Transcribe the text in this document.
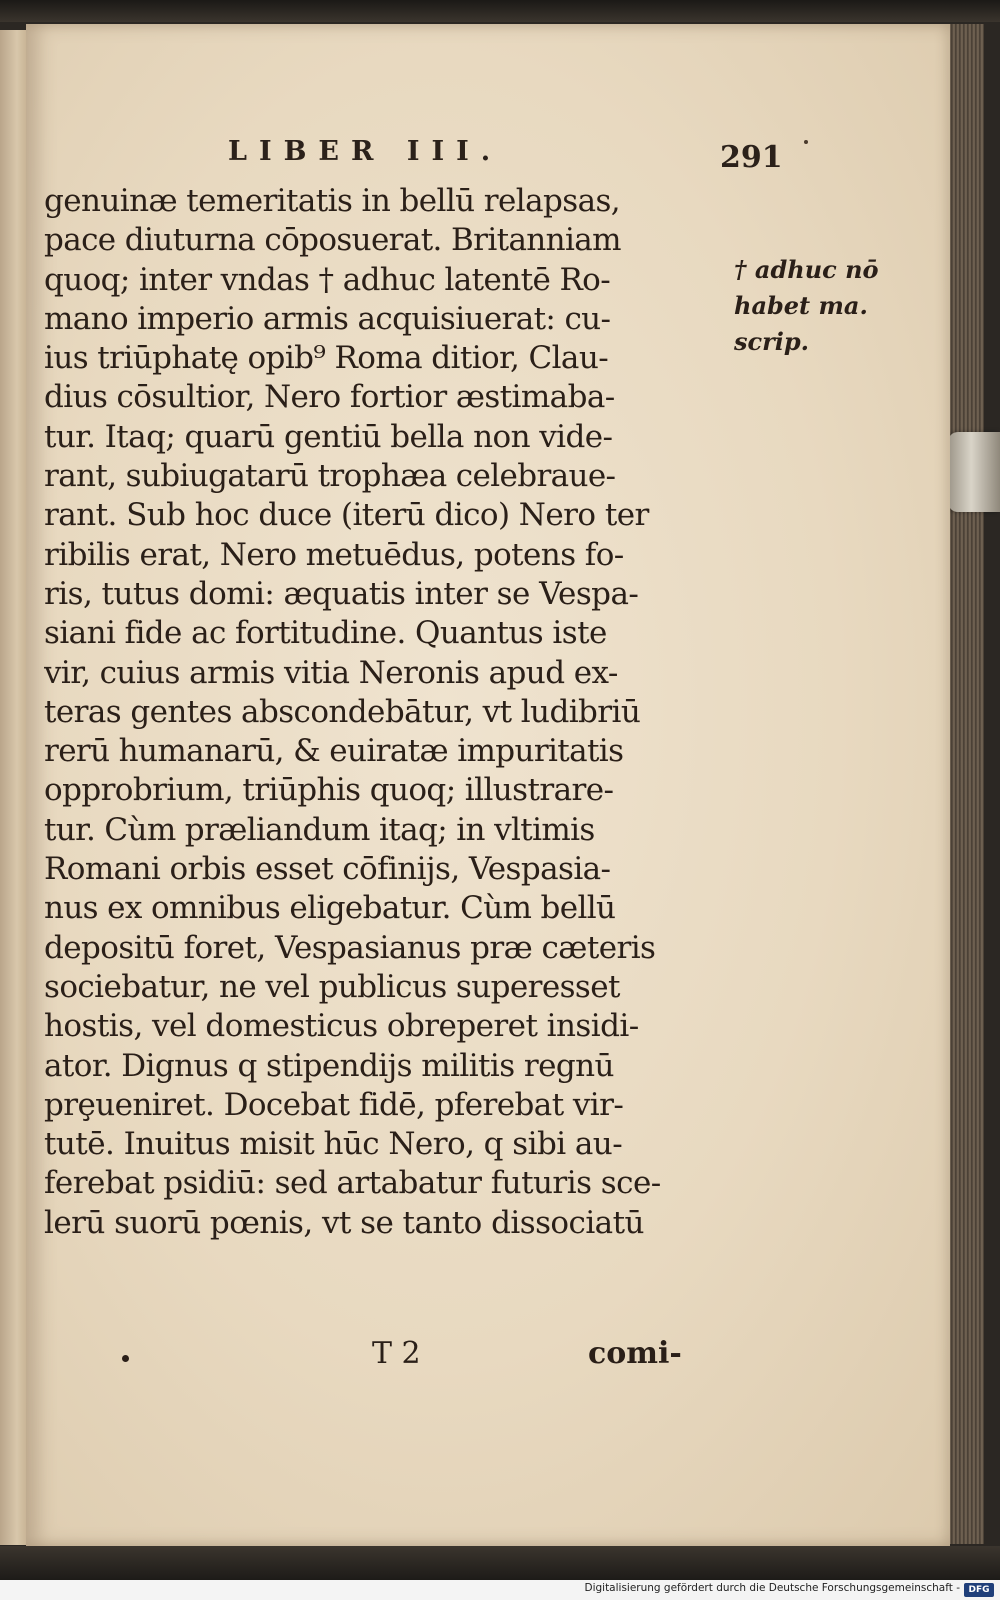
LIBER III.	291
genuinæ temeritatis in bellū relapsas,
pace diuturna cōposuerat. Britanniam
quoq; inter vndas † adhuc latentē Ro-
mano imperio armis acquisiuerat: cu-
ius triūphatę opib⁹ Roma ditior, Clau-
dius cōsultior, Nero fortior æstimaba-
tur. Itaq; quarū gentiū bella non vide-
rant, subiugatarū trophæa celebraue-
rant. Sub hoc duce (iterū dico) Nero ter
ribilis erat, Nero metuēdus, potens fo-
ris, tutus domi: æquatis inter se Vespa-
siani fide ac fortitudine. Quantus iste
vir, cuius armis vitia Neronis apud ex-
teras gentes abscondebātur, vt ludibriū
rerū humanarū, & euiratæ impuritatis
opprobrium, triūphis quoq; illustrare-
tur. Cùm præliandum itaq; in vltimis
Romani orbis esset cōfinijs, Vespasia-
nus ex omnibus eligebatur. Cùm bellū
depositū foret, Vespasianus præ cæteris
sociebatur, ne vel publicus superesset
hostis, vel domesticus obreperet insidi-
ator. Dignus q stipendijs militis regnū
prȩueniret. Docebat fidē, pferebat vir-
tutē. Inuitus misit hūc Nero, q sibi au-
ferebat psidiū: sed artabatur futuris sce-
lerū suorū pœnis, vt se tanto dissociatū
† adhuc nō
habet ma.
scrip.
T 2	comi-
Digitalisierung gefördert durch die Deutsche Forschungsgemeinschaft - DFG
